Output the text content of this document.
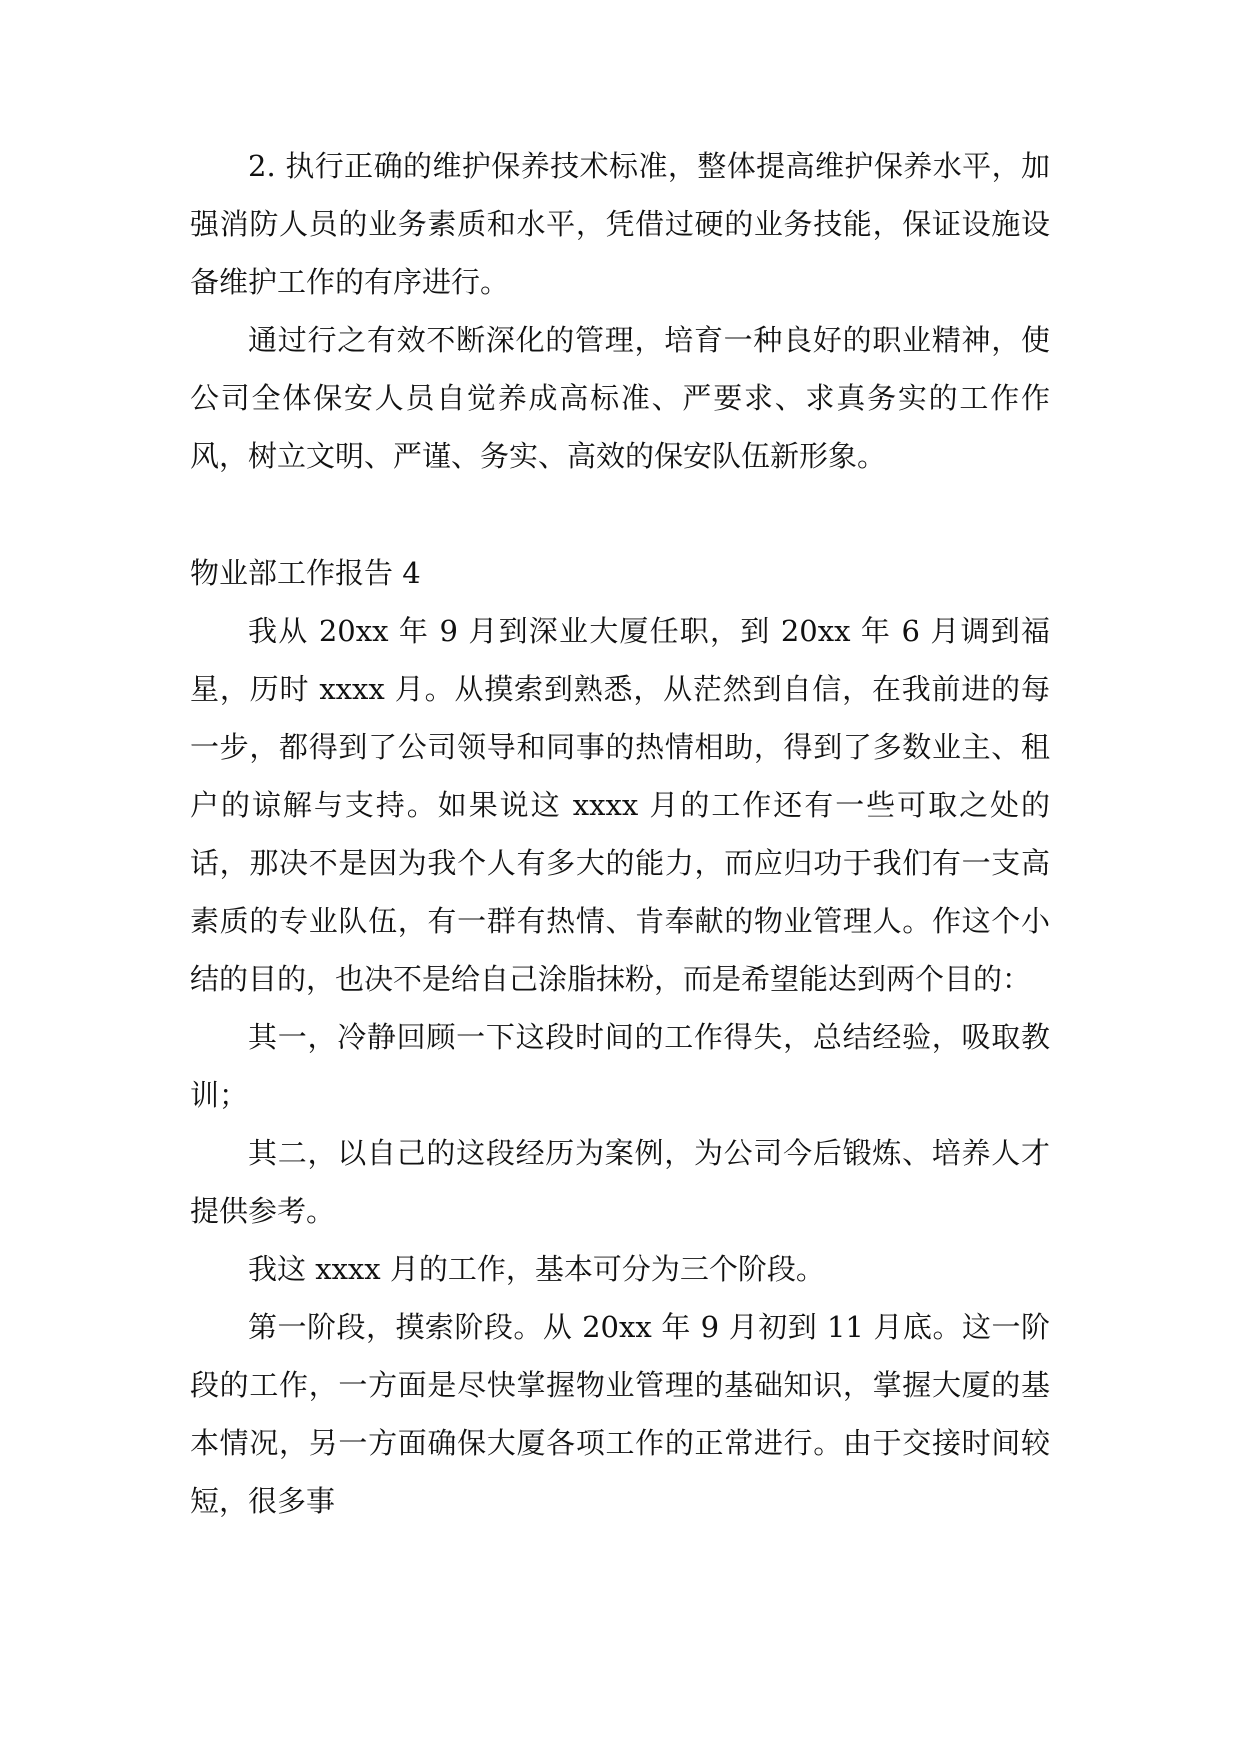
2. 执行正确的维护保养技术标准，整体提高维护保养水平，加强消防人员的业务素质和水平，凭借过硬的业务技能，保证设施设备维护工作的有序进行。

通过行之有效不断深化的管理，培育一种良好的职业精神，使公司全体保安人员自觉养成高标准、严要求、求真务实的工作作风，树立文明、严谨、务实、高效的保安队伍新形象。

物业部工作报告 4

我从 20xx 年 9 月到深业大厦任职，到 20xx 年 6 月调到福星，历时 xxxx 月。从摸索到熟悉，从茫然到自信，在我前进的每一步，都得到了公司领导和同事的热情相助，得到了多数业主、租户的谅解与支持。如果说这 xxxx 月的工作还有一些可取之处的话，那决不是因为我个人有多大的能力，而应归功于我们有一支高素质的专业队伍，有一群有热情、肯奉献的物业管理人。作这个小结的目的，也决不是给自己涂脂抹粉，而是希望能达到两个目的：

其一，冷静回顾一下这段时间的工作得失，总结经验，吸取教训；

其二，以自己的这段经历为案例，为公司今后锻炼、培养人才提供参考。

我这 xxxx 月的工作，基本可分为三个阶段。

第一阶段，摸索阶段。从 20xx 年 9 月初到 11 月底。这一阶段的工作，一方面是尽快掌握物业管理的基础知识，掌握大厦的基本情况，另一方面确保大厦各项工作的正常进行。由于交接时间较短，很多事
